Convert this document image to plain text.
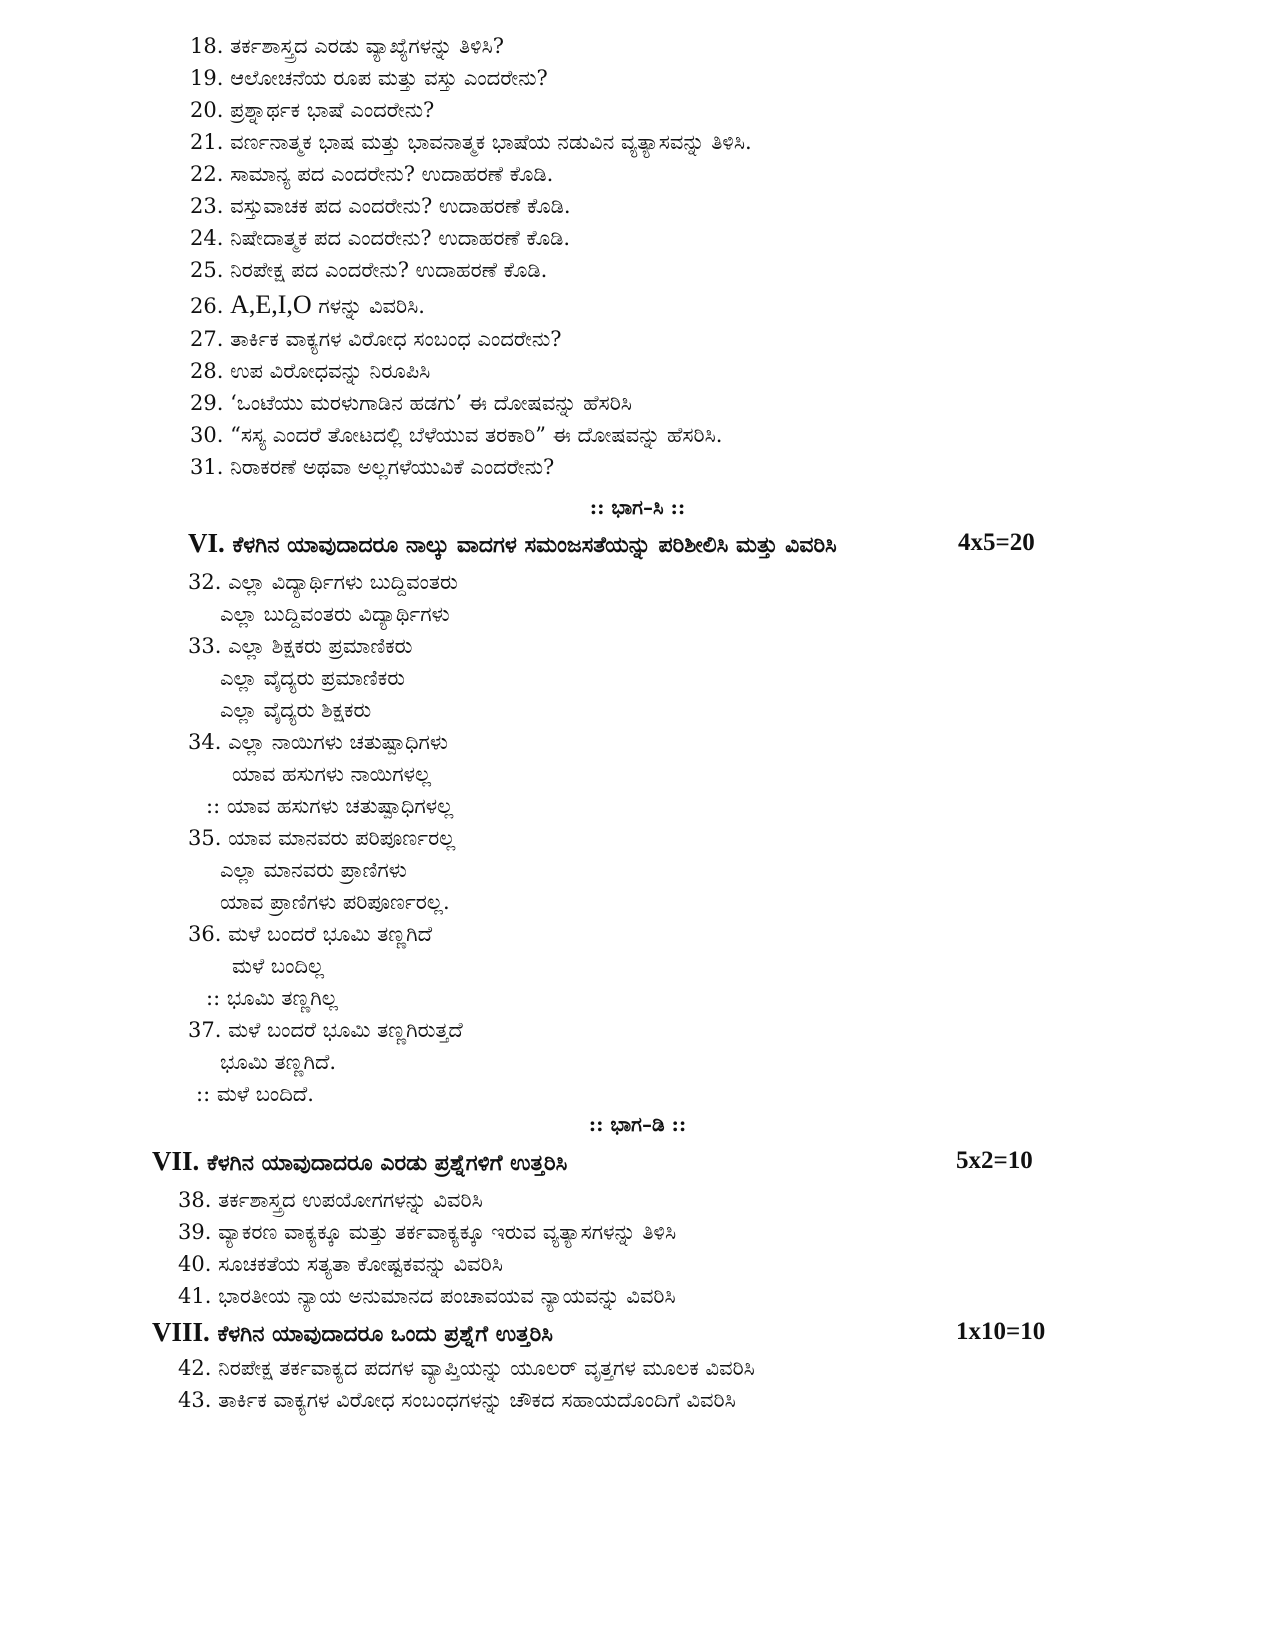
18. ತರ್ಕಶಾಸ್ತ್ರದ ಎರಡು ವ್ಯಾಖ್ಯೆಗಳನ್ನು ತಿಳಿಸಿ?
19. ಆಲೋಚನೆಯ ರೂಪ ಮತ್ತು ವಸ್ತು ಎಂದರೇನು?
20. ಪ್ರಶ್ನಾರ್ಥಕ ಭಾಷೆ ಎಂದರೇನು?
21. ವರ್ಣನಾತ್ಮಕ ಭಾಷ ಮತ್ತು ಭಾವನಾತ್ಮಕ ಭಾಷೆಯ ನಡುವಿನ ವ್ಯತ್ಯಾಸವನ್ನು ತಿಳಿಸಿ.
22. ಸಾಮಾನ್ಯ ಪದ ಎಂದರೇನು? ಉದಾಹರಣೆ ಕೊಡಿ.
23. ವಸ್ತುವಾಚಕ ಪದ ಎಂದರೇನು? ಉದಾಹರಣೆ ಕೊಡಿ.
24. ನಿಷೇದಾತ್ಮಕ ಪದ ಎಂದರೇನು? ಉದಾಹರಣೆ ಕೊಡಿ.
25. ನಿರಪೇಕ್ಷ ಪದ ಎಂದರೇನು? ಉದಾಹರಣೆ ಕೊಡಿ.
26. A,E,I,O ಗಳನ್ನು ವಿವರಿಸಿ.
27. ತಾರ್ಕಿಕ ವಾಕ್ಯಗಳ ವಿರೋಧ ಸಂಬಂಧ ಎಂದರೇನು?
28. ಉಪ ವಿರೋಧವನ್ನು ನಿರೂಪಿಸಿ
29. ‘ಒಂಟೆಯು ಮರಳುಗಾಡಿನ ಹಡಗು’ ಈ ದೋಷವನ್ನು ಹೆಸರಿಸಿ
30. “ಸಸ್ಯ ಎಂದರೆ ತೋಟದಲ್ಲಿ ಬೆಳೆಯುವ ತರಕಾರಿ” ಈ ದೋಷವನ್ನು ಹೆಸರಿಸಿ.
31. ನಿರಾಕರಣೆ ಅಥವಾ ಅಲ್ಲಗಳೆಯುವಿಕೆ ಎಂದರೇನು?
:: ಭಾಗ–ಸಿ ::
VI. ಕೆಳಗಿನ ಯಾವುದಾದರೂ ನಾಲ್ಕು ವಾದಗಳ ಸಮಂಜಸತೆಯನ್ನು ಪರಿಶೀಲಿಸಿ ಮತ್ತು ವಿವರಿಸಿ	4x5=20
32. ಎಲ್ಲಾ ವಿದ್ಯಾರ್ಥಿಗಳು ಬುದ್ದಿವಂತರು
ಎಲ್ಲಾ ಬುದ್ದಿವಂತರು ವಿದ್ಯಾರ್ಥಿಗಳು
33. ಎಲ್ಲಾ ಶಿಕ್ಷಕರು ಪ್ರಮಾಣಿಕರು
ಎಲ್ಲಾ ವೈದ್ಯರು ಪ್ರಮಾಣಿಕರು
ಎಲ್ಲಾ ವೈದ್ಯರು ಶಿಕ್ಷಕರು
34. ಎಲ್ಲಾ ನಾಯಿಗಳು ಚತುಷ್ಪಾಧಿಗಳು
ಯಾವ ಹಸುಗಳು ನಾಯಿಗಳಲ್ಲ
:: ಯಾವ ಹಸುಗಳು ಚತುಷ್ಪಾಧಿಗಳಲ್ಲ
35. ಯಾವ ಮಾನವರು ಪರಿಪೂರ್ಣರಲ್ಲ
ಎಲ್ಲಾ ಮಾನವರು ಪ್ರಾಣಿಗಳು
ಯಾವ ಪ್ರಾಣಿಗಳು ಪರಿಪೂರ್ಣರಲ್ಲ.
36. ಮಳೆ ಬಂದರೆ ಭೂಮಿ ತಣ್ಣಗಿದೆ
ಮಳೆ ಬಂದಿಲ್ಲ
:: ಭೂಮಿ ತಣ್ಣಗಿಲ್ಲ
37. ಮಳೆ ಬಂದರೆ ಭೂಮಿ ತಣ್ಣಗಿರುತ್ತದೆ
ಭೂಮಿ ತಣ್ಣಗಿದೆ.
:: ಮಳೆ ಬಂದಿದೆ.
:: ಭಾಗ–ಡಿ ::
VII. ಕೆಳಗಿನ ಯಾವುದಾದರೂ ಎರಡು ಪ್ರಶ್ನೆಗಳಿಗೆ ಉತ್ತರಿಸಿ	5x2=10
38. ತರ್ಕಶಾಸ್ತ್ರದ ಉಪಯೋಗಗಳನ್ನು ವಿವರಿಸಿ
39. ವ್ಯಾಕರಣ ವಾಕ್ಯಕ್ಕೂ ಮತ್ತು ತರ್ಕವಾಕ್ಯಕ್ಕೂ ಇರುವ ವ್ಯತ್ಯಾಸಗಳನ್ನು ತಿಳಿಸಿ
40. ಸೂಚಕತೆಯ ಸತ್ಯತಾ ಕೋಷ್ಟಕವನ್ನು ವಿವರಿಸಿ
41. ಭಾರತೀಯ ನ್ಯಾಯ ಅನುಮಾನದ ಪಂಚಾವಯವ ನ್ಯಾಯವನ್ನು ವಿವರಿಸಿ
VIII. ಕೆಳಗಿನ ಯಾವುದಾದರೂ ಒಂದು ಪ್ರಶ್ನೆಗೆ ಉತ್ತರಿಸಿ	1x10=10
42. ನಿರಪೇಕ್ಷ ತರ್ಕವಾಕ್ಯದ ಪದಗಳ ವ್ಯಾಪ್ತಿಯನ್ನು ಯೂಲರ್ ವೃತ್ತಗಳ ಮೂಲಕ ವಿವರಿಸಿ
43. ತಾರ್ಕಿಕ ವಾಕ್ಯಗಳ ವಿರೋಧ ಸಂಬಂಧಗಳನ್ನು ಚೌಕದ ಸಹಾಯದೊಂದಿಗೆ ವಿವರಿಸಿ
